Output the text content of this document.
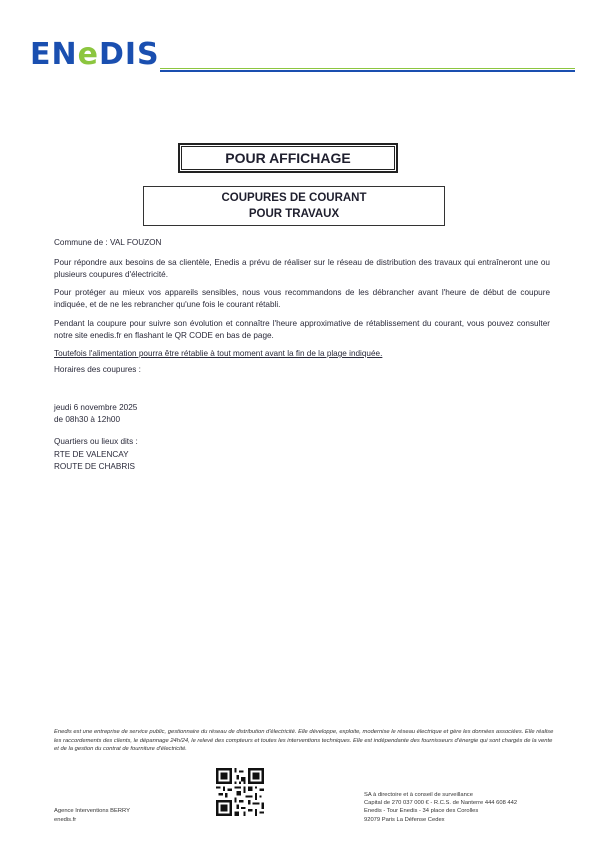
ENeDIS
POUR AFFICHAGE
COUPURES DE COURANT
POUR TRAVAUX
Commune de : VAL FOUZON
Pour répondre aux besoins de sa clientèle, Enedis a prévu de réaliser sur le réseau de distribution des travaux qui entraîneront une ou plusieurs coupures d'électricité.
Pour protéger au mieux vos appareils sensibles, nous vous recommandons de les débrancher avant l'heure de début de coupure indiquée, et de ne les rebrancher qu'une fois le courant rétabli.
Pendant la coupure pour suivre son évolution et connaître l'heure approximative de rétablissement du courant, vous pouvez consulter notre site enedis.fr en flashant le QR CODE en bas de page.
Toutefois l'alimentation pourra être rétablie à tout moment avant la fin de la plage indiquée.
Horaires des coupures :
jeudi 6 novembre 2025
de 08h30 à 12h00
Quartiers ou lieux dits :
RTE DE VALENCAY
ROUTE DE CHABRIS
Enedis est une entreprise de service public, gestionnaire du réseau de distribution d'électricité. Elle développe, exploite, modernise le réseau électrique et gère les données associées. Elle réalise les raccordements des clients, le dépannage 24h/24, le relevé des compteurs et toutes les interventions techniques. Elle est indépendante des fournisseurs d'énergie qui sont chargés de la vente et de la gestion du contrat de fourniture d'électricité.
SA à directoire et à conseil de surveillance
Capital de 270 037 000 € - R.C.S. de Nanterre 444 608 442
Enedis - Tour Enedis - 34 place des Corolles
92079 Paris La Défense Cedex
Agence Interventions BERRY
enedis.fr
